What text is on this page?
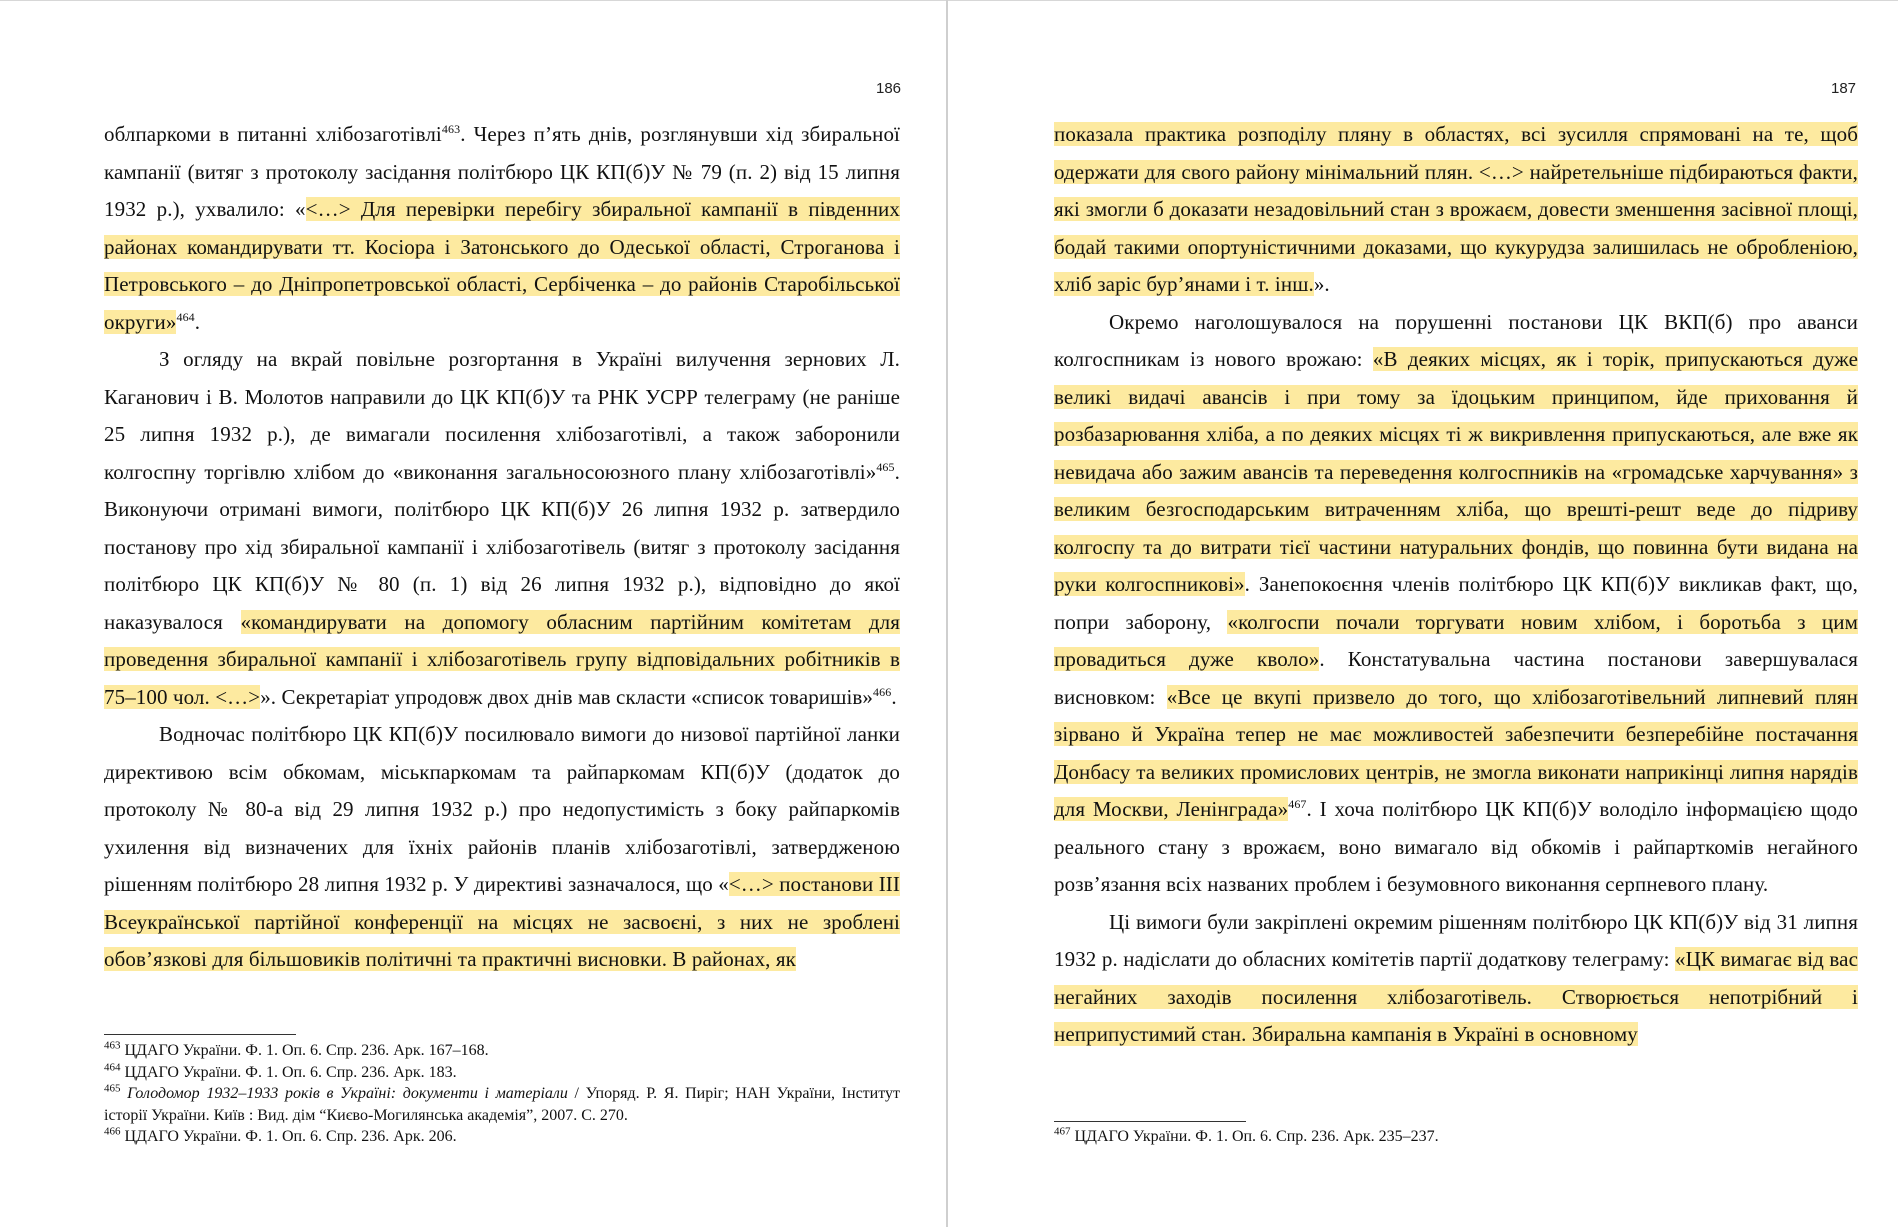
186

облпаркоми в питанні хлібозаготівлі$^{463}$. Через п’ять днів, розглянувши хід збиральної кампанії (витяг з протоколу засідання політбюро ЦК КП(б)У № 79 (п. 2) від 15 липня 1932 р.), ухвалило: «<…> Для перевірки перебігу збиральної кампанії в південних районах командирувати тт. Косіора і Затонського до Одеської області, Строганова і Петровського – до Дніпропетровської області, Сербіченка – до районів Старобільської округи»$^{464}$.

З огляду на вкрай повільне розгортання в Україні вилучення зернових Л. Каганович і В. Молотов направили до ЦК КП(б)У та РНК УСРР телеграму (не раніше 25 липня 1932 р.), де вимагали посилення хлібозаготівлі, а також заборонили колгоспну торгівлю хлібом до «виконання загальносоюзного плану хлібозаготівлі»$^{465}$. Виконуючи отримані вимоги, політбюро ЦК КП(б)У 26 липня 1932 р. затвердило постанову про хід збиральної кампанії і хлібозаготівель (витяг з протоколу засідання політбюро ЦК КП(б)У № 80 (п. 1) від 26 липня 1932 р.), відповідно до якої наказувалося «командирувати на допомогу обласним партійним комітетам для проведення збиральної кампанії і хлібозаготівель групу відповідальних робітників в 75–100 чол. <…>». Секретаріат упродовж двох днів мав скласти «список товаришів»$^{466}$.

Водночас політбюро ЦК КП(б)У посилювало вимоги до низової партійної ланки директивою всім обкомам, міськпаркомам та райпаркомам КП(б)У (додаток до протоколу № 80-а від 29 липня 1932 р.) про недопустимість з боку райпаркомів ухилення від визначених для їхніх районів планів хлібозаготівлі, затвердженою рішенням політбюро 28 липня 1932 р. У директиві зазначалося, що «<…> постанови ІІІ Всеукраїнської партійної конференції на місцях не засвоєні, з них не зроблені обов’язкові для більшовиків політичні та практичні висновки. В районах, як

$^{463}$ ЦДАГО України. Ф. 1. Оп. 6. Спр. 236. Арк. 167–168.

$^{464}$ ЦДАГО України. Ф. 1. Оп. 6. Спр. 236. Арк. 183.

$^{465}$ Голодомор 1932–1933 років в Україні: документи і матеріали / Упоряд. Р. Я. Пиріг; НАН України, Інститут історії України. Київ : Вид. дім “Києво-Могилянська академія”, 2007. С. 270.

$^{466}$ ЦДАГО України. Ф. 1. Оп. 6. Спр. 236. Арк. 206.

187

показала практика розподілу пляну в областях, всі зусилля спрямовані на те, щоб одержати для свого району мінімальний плян. <…> найретельніше підбираються факти, які змогли б доказати незадовільний стан з врожаєм, довести зменшення засівної площі, бодай такими опортуністичними доказами, що кукурудза залишилась не обробленіою, хліб заріс бур’янами і т. інш.».

Окремо наголошувалося на порушенні постанови ЦК ВКП(б) про аванси колгоспникам із нового врожаю: «В деяких місцях, як і торік, припускаються дуже великі видачі авансів і при тому за їдоцьким принципом, йде приховання й розбазарювання хліба, а по деяких місцях ті ж викривлення припускаються, але вже як невидача або зажим авансів та переведення колгоспників на «громадське харчування» з великим безгосподарським витраченням хліба, що врешті-решт веде до підриву колгоспу та до витрати тієї частини натуральних фондів, що повинна бути видана на руки колгоспникові». Занепокоєння членів політбюро ЦК КП(б)У викликав факт, що, попри заборону, «колгоспи почали торгувати новим хлібом, і боротьба з цим провадиться дуже кволо». Констатувальна частина постанови завершувалася висновком: «Все це вкупі призвело до того, що хлібозаготівельний липневий плян зірвано й Україна тепер не має можливостей забезпечити безперебійне постачання Донбасу та великих промислових центрів, не змогла виконати наприкінці липня нарядів для Москви, Ленінграда»$^{467}$. І хоча політбюро ЦК КП(б)У володіло інформацією щодо реального стану з врожаєм, воно вимагало від обкомів і райпарткомів негайного розв’язання всіх названих проблем і безумовного виконання серпневого плану.

Ці вимоги були закріплені окремим рішенням політбюро ЦК КП(б)У від 31 липня 1932 р. надіслати до обласних комітетів партії додаткову телеграму: «ЦК вимагає від вас негайних заходів посилення хлібозаготівель. Створюється непотрібний і неприпустимий стан. Збиральна кампанія в Україні в основному

$^{467}$ ЦДАГО України. Ф. 1. Оп. 6. Спр. 236. Арк. 235–237.
